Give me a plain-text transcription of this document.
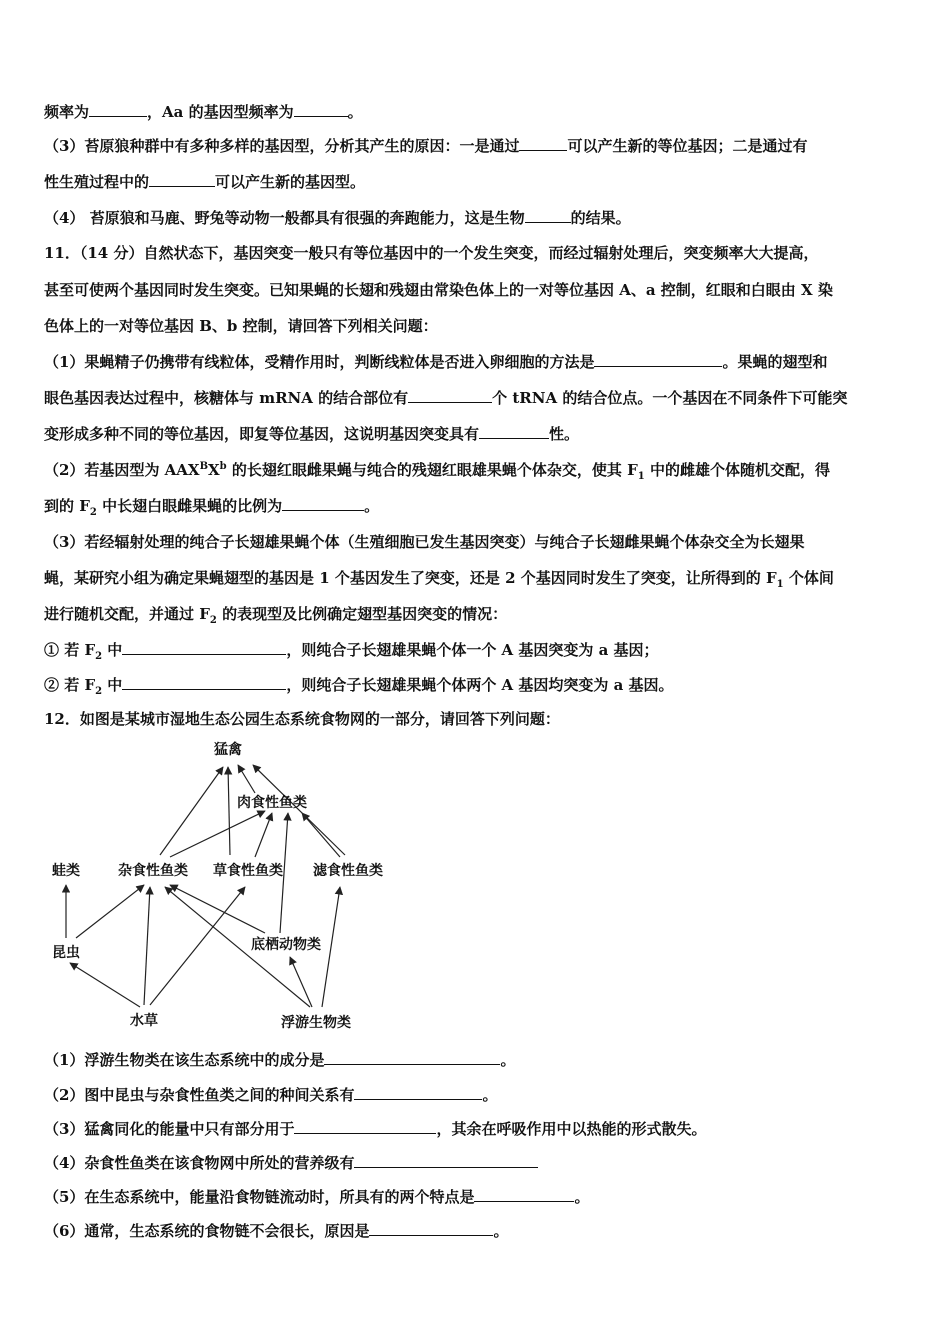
频率为	，Aa 的基因型频率为	。
（3）苔原狼种群中有多种多样的基因型，分析其产生的原因：一是通过	可以产生新的等位基因；二是通过有
性生殖过程中的	可以产生新的基因型。
（4） 苔原狼和马鹿、野兔等动物一般都具有很强的奔跑能力，这是生物	的结果。
11．（14 分）自然状态下，基因突变一般只有等位基因中的一个发生突变，而经过辐射处理后，突变频率大大提高，
甚至可使两个基因同时发生突变。已知果蝇的长翅和残翅由常染色体上的一对等位基因 A、a 控制，红眼和白眼由 X 染
色体上的一对等位基因 B、b 控制，请回答下列相关问题：
（1）果蝇精子仍携带有线粒体，受精作用时，判断线粒体是否进入卵细胞的方法是	。果蝇的翅型和
眼色基因表达过程中，核糖体与 mRNA 的结合部位有	个 tRNA 的结合位点。一个基因在不同条件下可能突
变形成多种不同的等位基因，即复等位基因，这说明基因突变具有	性。
（2）若基因型为 $AAX^BX^b$ 的长翅红眼雌果蝇与纯合的残翅红眼雄果蝇个体杂交，使其 $F_1$ 中的雌雄个体随机交配，得
到的 $F_2$ 中长翅白眼雌果蝇的比例为	。
（3）若经辐射处理的纯合子长翅雄果蝇个体（生殖细胞已发生基因突变）与纯合子长翅雌果蝇个体杂交全为长翅果
蝇，某研究小组为确定果蝇翅型的基因是 1 个基因发生了突变，还是 2 个基因同时发生了突变，让所得到的 $F_1$ 个体间
进行随机交配，并通过 $F_2$ 的表现型及比例确定翅型基因突变的情况：
① 若 $F_2$ 中	，则纯合子长翅雄果蝇个体一个 A 基因突变为 a 基因；
② 若 $F_2$ 中	，则纯合子长翅雄果蝇个体两个 A 基因均突变为 a 基因。
12．如图是某城市湿地生态公园生态系统食物网的一部分，请回答下列问题：
猛禽
肉食性鱼类
蛙类	杂食性鱼类 草食性鱼类 滤食性鱼类
昆虫	底栖动物类
水草	浮游生物类
（1）浮游生物类在该生态系统中的成分是	。
（2）图中昆虫与杂食性鱼类之间的种间关系有	。
（3）猛禽同化的能量中只有部分用于	，其余在呼吸作用中以热能的形式散失。
（4）杂食性鱼类在该食物网中所处的营养级有
（5）在生态系统中，能量沿食物链流动时，所具有的两个特点是	。
（6）通常，生态系统的食物链不会很长，原因是	。
